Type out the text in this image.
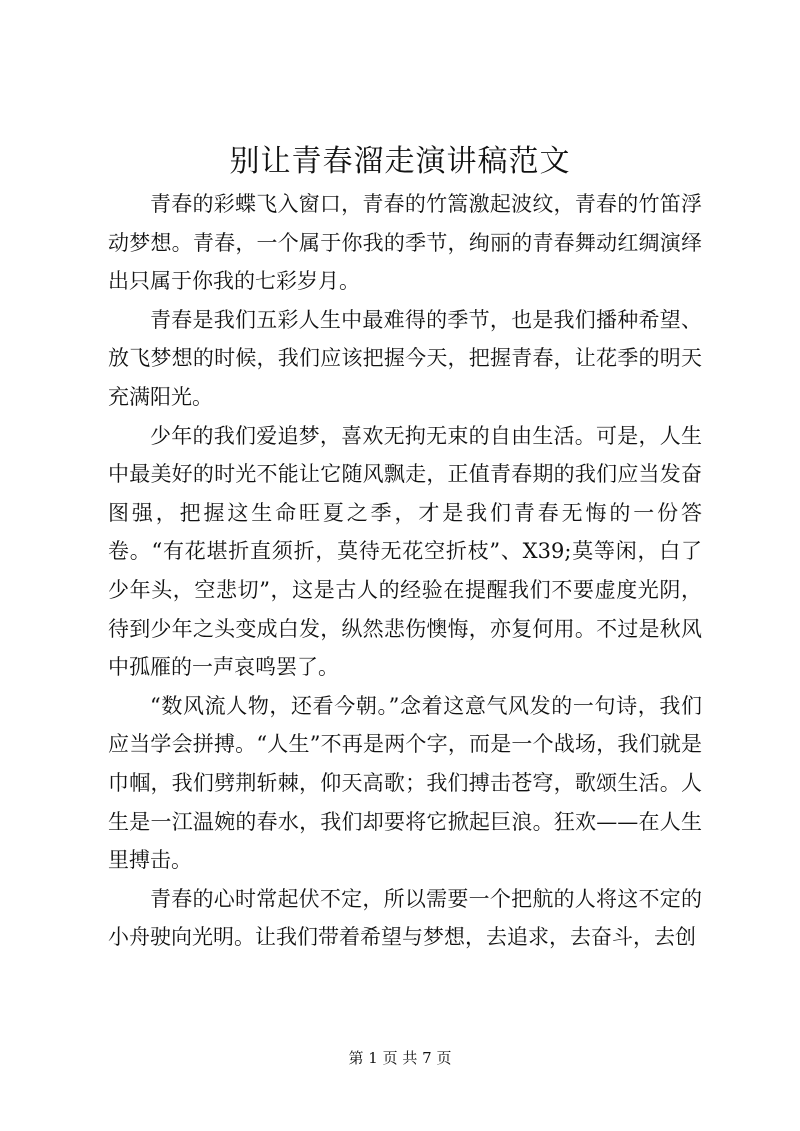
别让青春溜走演讲稿范文

青春的彩蝶飞入窗口，青春的竹篙激起波纹，青春的竹笛浮动梦想。青春，一个属于你我的季节，绚丽的青春舞动红绸演绎出只属于你我的七彩岁月。

青春是我们五彩人生中最难得的季节，也是我们播种希望、放飞梦想的时候，我们应该把握今天，把握青春，让花季的明天充满阳光。

少年的我们爱追梦，喜欢无拘无束的自由生活。可是，人生中最美好的时光不能让它随风飘走，正值青春期的我们应当发奋图强，把握这生命旺夏之季，才是我们青春无悔的一份答卷。“有花堪折直须折，莫待无花空折枝”、X39;莫等闲，白了少年头，空悲切”，这是古人的经验在提醒我们不要虚度光阴，待到少年之头变成白发，纵然悲伤懊悔，亦复何用。不过是秋风中孤雁的一声哀鸣罢了。

“数风流人物，还看今朝。”念着这意气风发的一句诗，我们应当学会拼搏。“人生”不再是两个字，而是一个战场，我们就是巾帼，我们劈荆斩棘，仰天高歌；我们搏击苍穹，歌颂生活。人生是一江温婉的春水，我们却要将它掀起巨浪。狂欢——在人生里搏击。

青春的心时常起伏不定，所以需要一个把航的人将这不定的小舟驶向光明。让我们带着希望与梦想，去追求，去奋斗，去创

第 1 页 共 7 页
